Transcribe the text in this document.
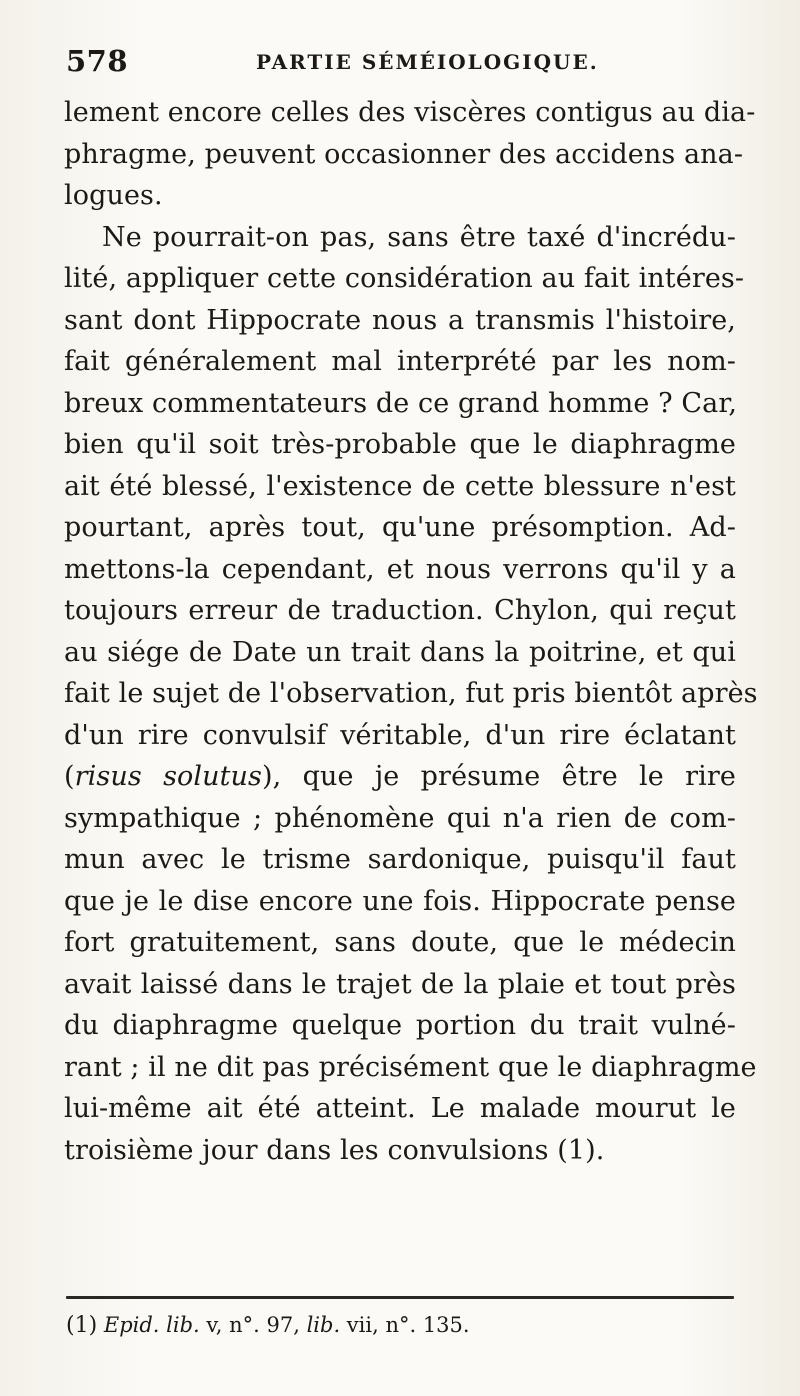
578	PARTIE SÉMÉIOLOGIQUE.
lement encore celles des viscères contigus au dia-
phragme, peuvent occasionner des accidens ana-
logues.
Ne pourrait-on pas, sans être taxé d'incrédu-
lité, appliquer cette considération au fait intéres-
sant dont Hippocrate nous a transmis l'histoire,
fait généralement mal interprété par les nom-
breux commentateurs de ce grand homme ? Car,
bien qu'il soit très-probable que le diaphragme
ait été blessé, l'existence de cette blessure n'est
pourtant, après tout, qu'une présomption. Ad-
mettons-la cependant, et nous verrons qu'il y a
toujours erreur de traduction. Chylon, qui reçut
au siége de Date un trait dans la poitrine, et qui
fait le sujet de l'observation, fut pris bientôt après
d'un rire convulsif véritable, d'un rire éclatant
(risus solutus), que je présume être le rire
sympathique ; phénomène qui n'a rien de com-
mun avec le trisme sardonique, puisqu'il faut
que je le dise encore une fois. Hippocrate pense
fort gratuitement, sans doute, que le médecin
avait laissé dans le trajet de la plaie et tout près
du diaphragme quelque portion du trait vulné-
rant ; il ne dit pas précisément que le diaphragme
lui-même ait été atteint. Le malade mourut le
troisième jour dans les convulsions (1).
(1) Epid. lib. v, n°. 97, lib. vii, n°. 135.
